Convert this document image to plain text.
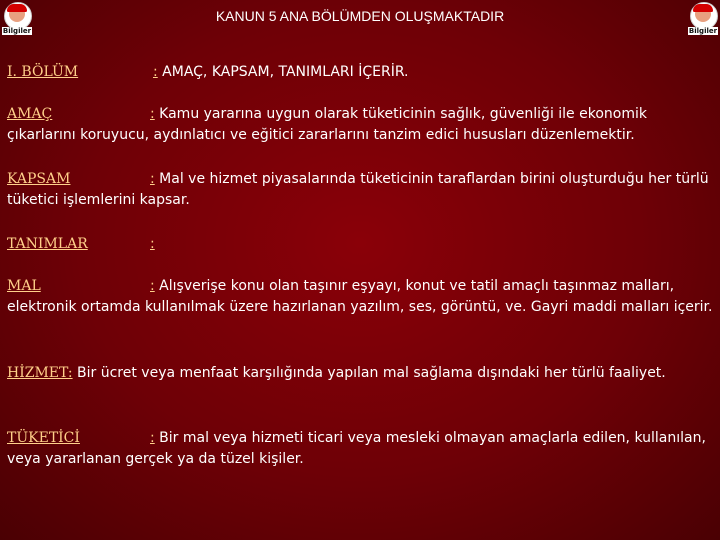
Bilgiler	Bilgiler
KANUN 5 ANA BÖLÜMDEN OLUŞMAKTADIR
I. BÖLÜM	: AMAÇ, KAPSAM, TANIMLARI İÇERİR.
AMAÇ	: Kamu yararına uygun olarak tüketicinin sağlık, güvenliği ile ekonomik çıkarlarını koruyucu, aydınlatıcı ve eğitici zararlarını tanzim edici hususları düzenlemektir.
KAPSAM	: Mal ve hizmet piyasalarında tüketicinin taraflardan birini oluşturduğu her türlü tüketici işlemlerini kapsar.
TANIMLAR	:
MAL	: Alışverişe konu olan taşınır eşyayı, konut ve tatil amaçlı taşınmaz malları, elektronik ortamda kullanılmak üzere hazırlanan yazılım, ses, görüntü, ve. Gayri maddi malları içerir.
HİZMET: Bir ücret veya menfaat karşılığında yapılan mal sağlama dışındaki her türlü faaliyet.
TÜKETİCİ	: Bir mal veya hizmeti ticari veya mesleki olmayan amaçlarla edilen, kullanılan, veya yararlanan gerçek ya da tüzel kişiler.
